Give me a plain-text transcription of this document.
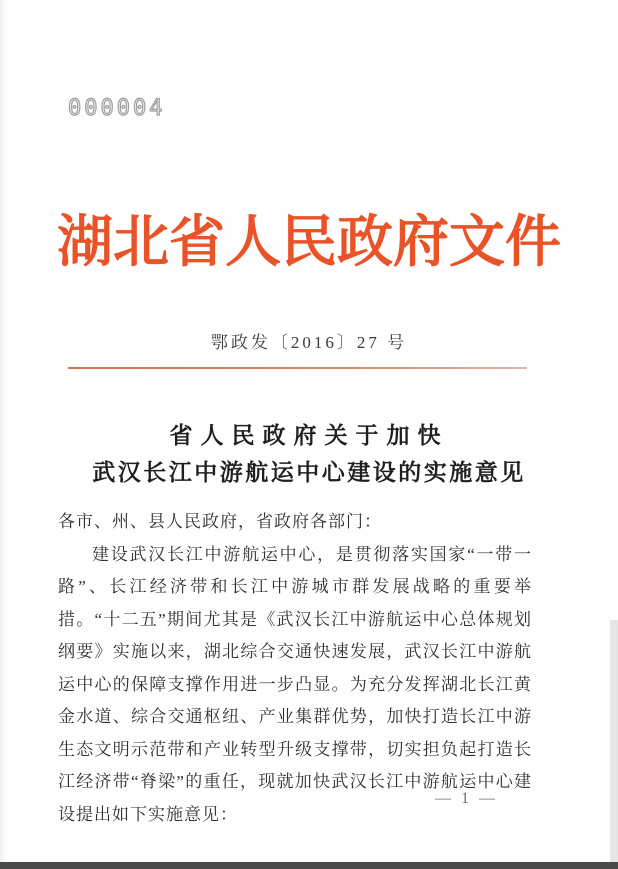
000004
湖北省人民政府文件
鄂政发〔2016〕27 号
省人民政府关于加快
武汉长江中游航运中心建设的实施意见

各市、州、县人民政府，省政府各部门：

建设武汉长江中游航运中心，是贯彻落实国家“一带一路”、长江经济带和长江中游城市群发展战略的重要举措。“十二五”期间尤其是《武汉长江中游航运中心总体规划纲要》实施以来，湖北综合交通快速发展，武汉长江中游航运中心的保障支撑作用进一步凸显。为充分发挥湖北长江黄金水道、综合交通枢纽、产业集群优势，加快打造长江中游生态文明示范带和产业转型升级支撑带，切实担负起打造长江经济带“脊梁”的重任，现就加快武汉长江中游航运中心建设提出如下实施意见：

— 1 —
